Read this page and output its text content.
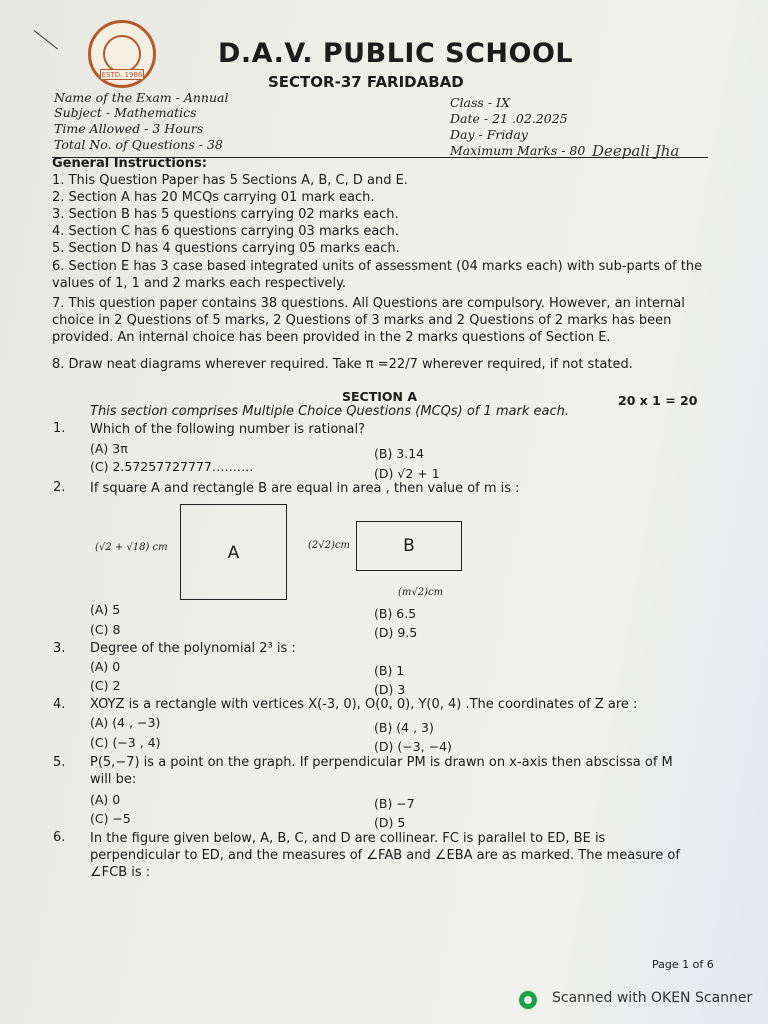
ESTD. 1986
D.A.V. PUBLIC SCHOOL
SECTOR-37 FARIDABAD
Name of the Exam - Annual
Subject - Mathematics
Time Allowed - 3 Hours
Total No. of Questions - 38
Class - IX
Date - 21 .02.2025
Day - Friday
Maximum Marks - 80 Deepali Jha
General Instructions:
1. This Question Paper has 5 Sections A, B, C, D and E.
2. Section A has 20 MCQs carrying 01 mark each.
3. Section B has 5 questions carrying 02 marks each.
4. Section C has 6 questions carrying 03 marks each.
5. Section D has 4 questions carrying 05 marks each.
6. Section E has 3 case based integrated units of assessment (04 marks each) with sub-parts of the
values of 1, 1 and 2 marks each respectively.
7. This question paper contains 38 questions. All Questions are compulsory. However, an internal
choice in 2 Questions of 5 marks, 2 Questions of 3 marks and 2 Questions of 2 marks has been
provided. An internal choice has been provided in the 2 marks questions of Section E.
8. Draw neat diagrams wherever required. Take π =22/7 wherever required, if not stated.
SECTION A	20 x 1 = 20
This section comprises Multiple Choice Questions (MCQs) of 1 mark each.
1. Which of the following number is rational?
(A) 3π	(B) 3.14
(C) 2.57257727777……….	(D) √2 + 1
2. If square A and rectangle B are equal in area , then value of m is :
(√2 + √18) cm	A	(2√2)cm	B
(m√2)cm
(A) 5	(B) 6.5
(C) 8	(D) 9.5
3. Degree of the polynomial 2³ is :
(A) 0	(B) 1
(C) 2	(D) 3
4. XOYZ is a rectangle with vertices X(-3, 0), O(0, 0), Y(0, 4) .The coordinates of Z are :
(A) (4 , −3)	(B) (4 , 3)
(C) (−3 , 4)	(D) (−3, −4)
5. P(5,−7) is a point on the graph. If perpendicular PM is drawn on x-axis then abscissa of M
will be:
(A) 0	(B) −7
(C) −5	(D) 5
6. In the figure given below, A, B, C, and D are collinear. FC is parallel to ED, BE is
perpendicular to ED, and the measures of ∠FAB and ∠EBA are as marked. The measure of
∠FCB is :
Page 1 of 6
Scanned with OKEN Scanner
